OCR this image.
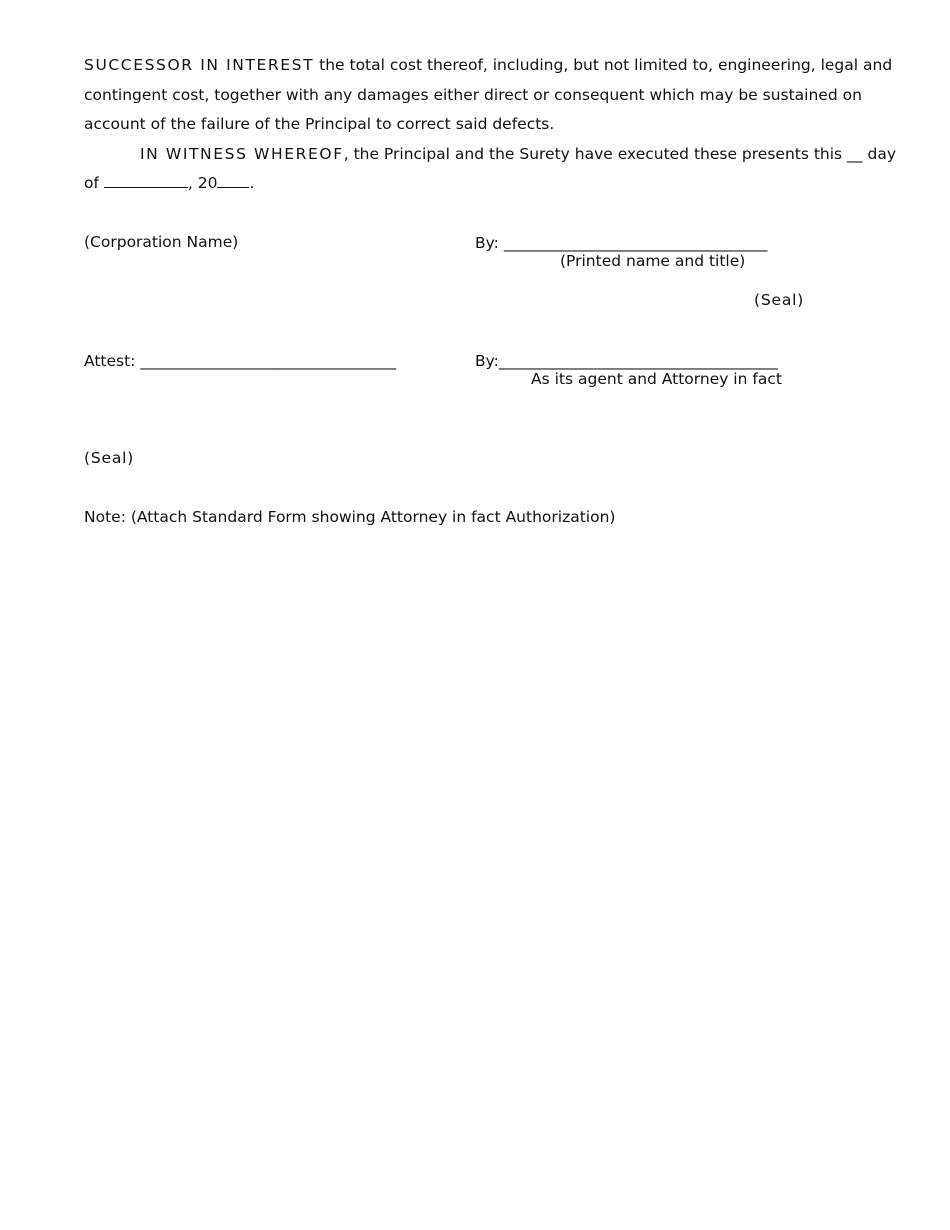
SUCCESSOR IN INTEREST the total cost thereof, including, but not limited to, engineering, legal and
contingent cost, together with any damages either direct or consequent which may be sustained on
account of the failure of the Principal to correct said defects.
IN WITNESS WHEREOF, the Principal and the Surety have executed these presents this __ day
of	, 20 .
(Corporation Name)	By: __________________________________
(Printed name and title)
(Seal)
Attest: _________________________________	By:____________________________________
As its agent and Attorney in fact
(Seal)
Note: (Attach Standard Form showing Attorney in fact Authorization)
